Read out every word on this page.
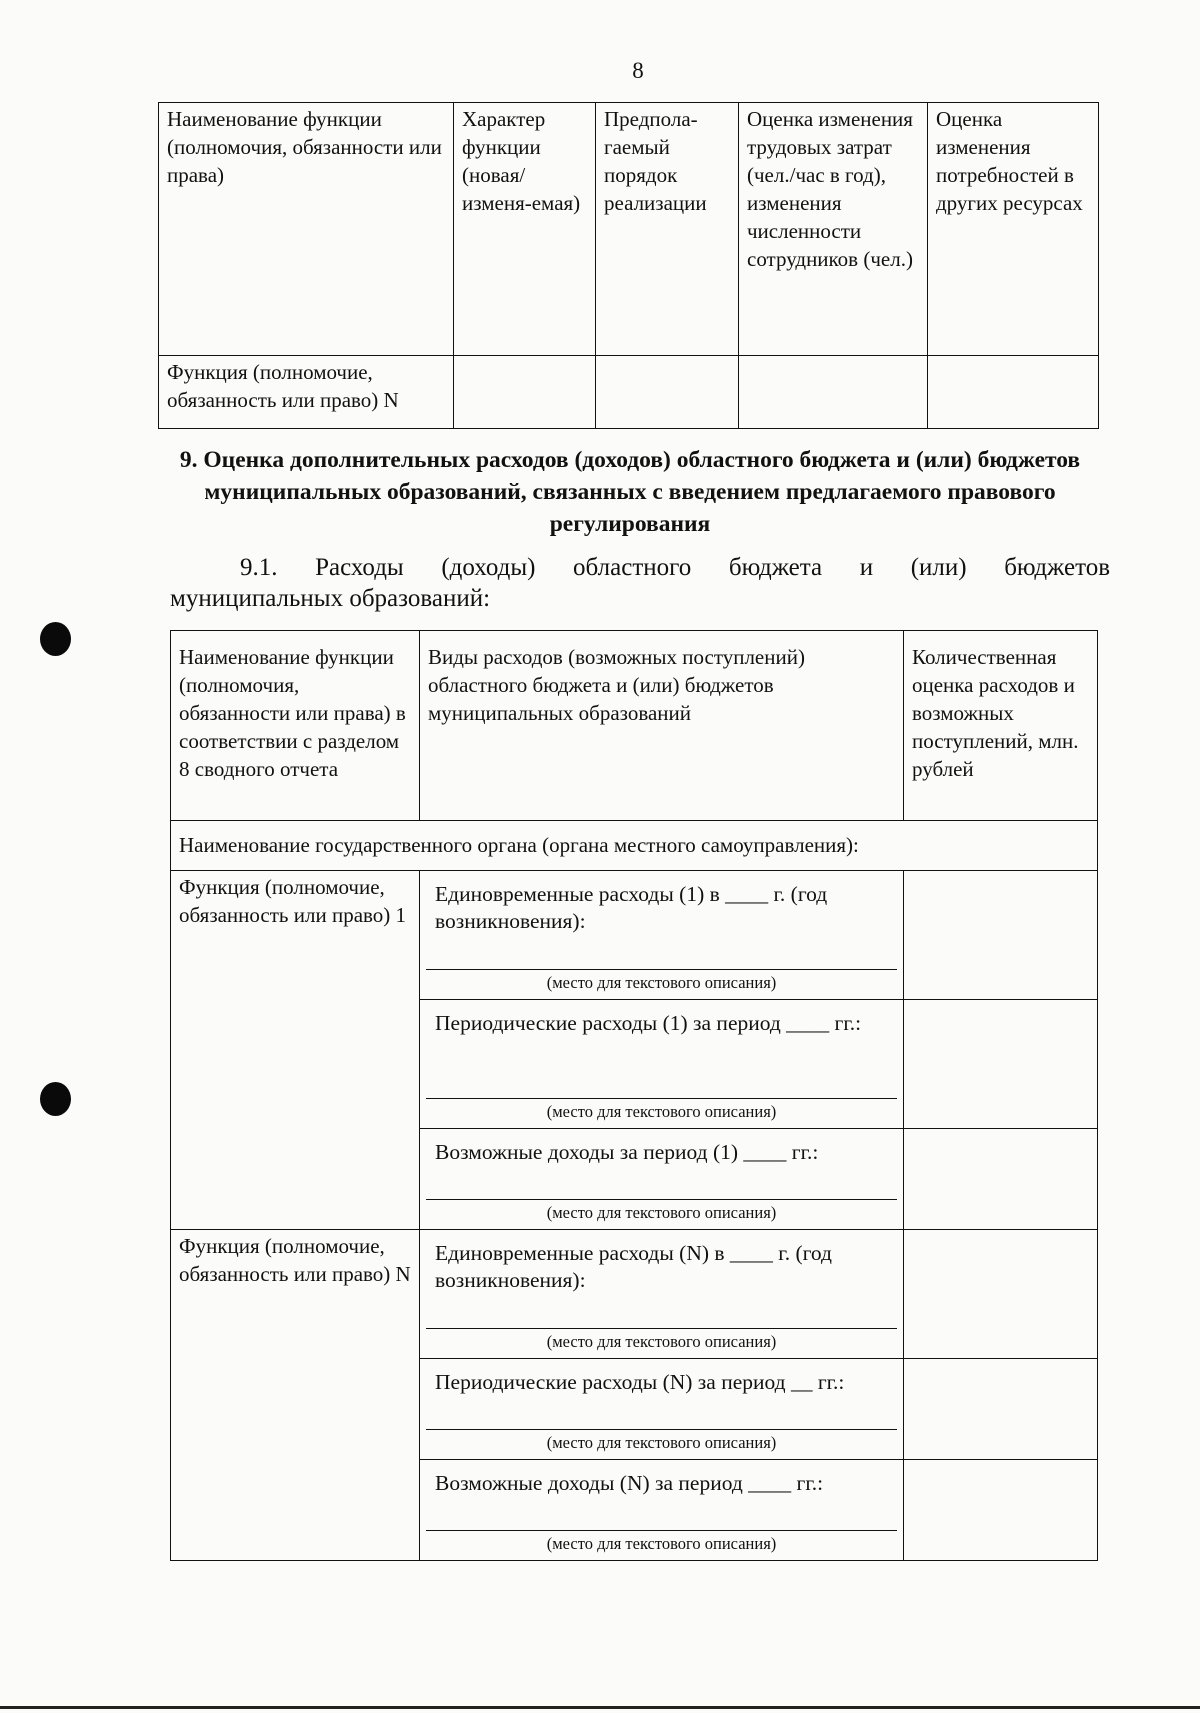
8
Наименование функции (полномочия, обязанности или права)	Характер функции (новая/ изменя-емая)	Предпола-гаемый порядок реализации	Оценка изменения трудовых затрат (чел./час в год), изменения численности сотрудников (чел.)	Оценка изменения потребностей в других ресурсах
Функция (полномочие, обязанность или право) N				
9. Оценка дополнительных расходов (доходов) областного бюджета и (или) бюджетов муниципальных образований, связанных с введением предлагаемого правового регулирования
9.1. Расходы (доходы) областного бюджета и (или) бюджетов
муниципальных образований:
Наименование функции (полномочия, обязанности или права) в соответствии с разделом 8 сводного отчета	Виды расходов (возможных поступлений) областного бюджета и (или) бюджетов муниципальных образований	Количественная оценка расходов и возможных поступлений, млн. рублей
Наименование государственного органа (органа местного самоуправления):		
Функция (полномочие, обязанность или право) 1	Единовременные расходы (1) в ____ г. (год возникновения):
(место для текстового описания)	

	Периодические расходы (1) за период ____ гг.:
(место для текстового описания)	

	Возможные доходы за период (1) ____ гг.:
(место для текстового описания)	

Функция (полномочие, обязанность или право) N	Единовременные расходы (N) в ____ г. (год возникновения):
(место для текстового описания)	

	Периодические расходы (N) за период __ гг.:
(место для текстового описания)	

	Возможные доходы (N) за период ____ гг.:
(место для текстового описания)	
